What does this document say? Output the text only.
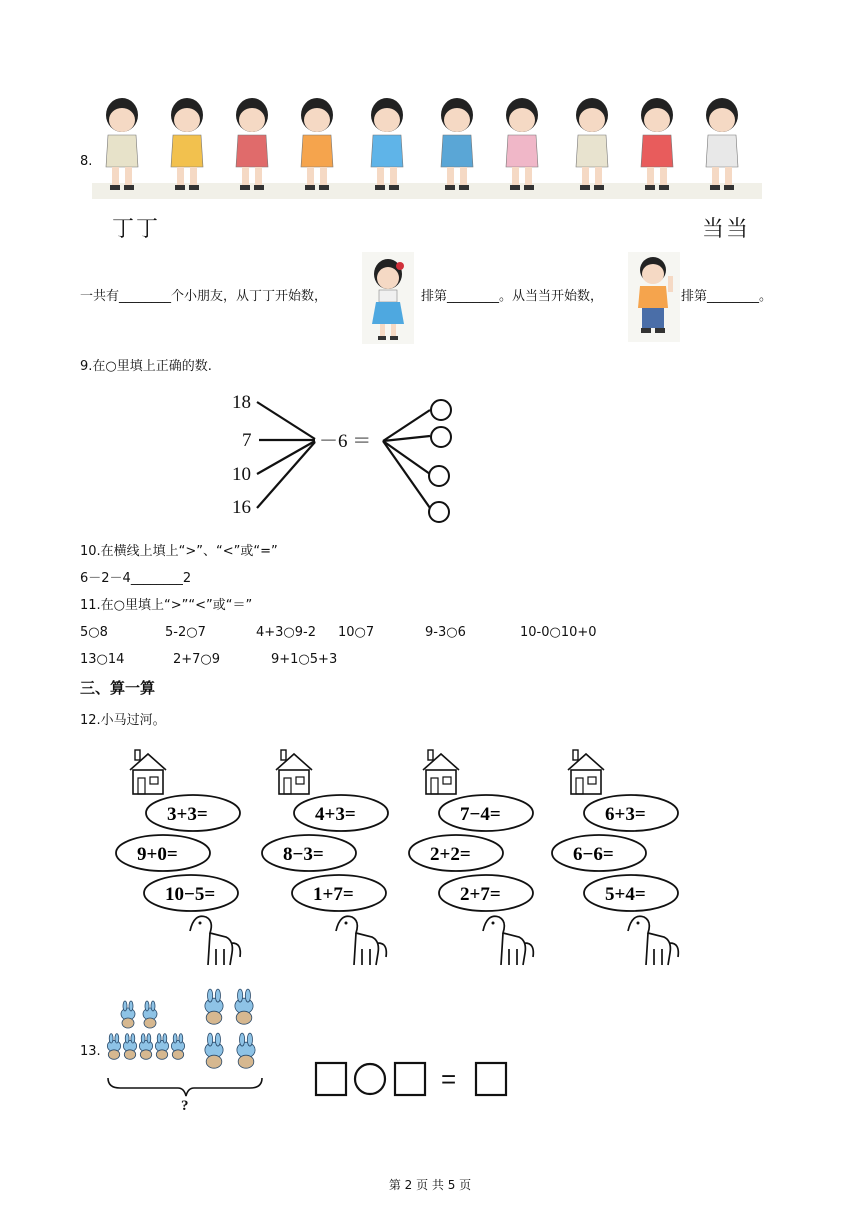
8.
丁丁	当当
一共有________个小朋友，从丁丁开始数，	排第________。从当当开始数，	排第________。
9.在○里填上正确的数.
18
7
10
16
－6 ＝
10.在横线上填上“>”、“<”或“=”
6－2－4________2
11.在○里填上“>”“<”或“＝”
5○8	5-2○7	4+3○9-2 10○7	9-3○6	10-0○10+0
13○14	2+7○9	9+1○5+3
三、算一算
12.小马过河。
3+3=
9+0=
10−5=
4+3=
8−3=
1+7=
7−4=
2+2=
2+7=
6+3=
6−6=
5+4=
13.
?
=
第 2 页 共 5 页
